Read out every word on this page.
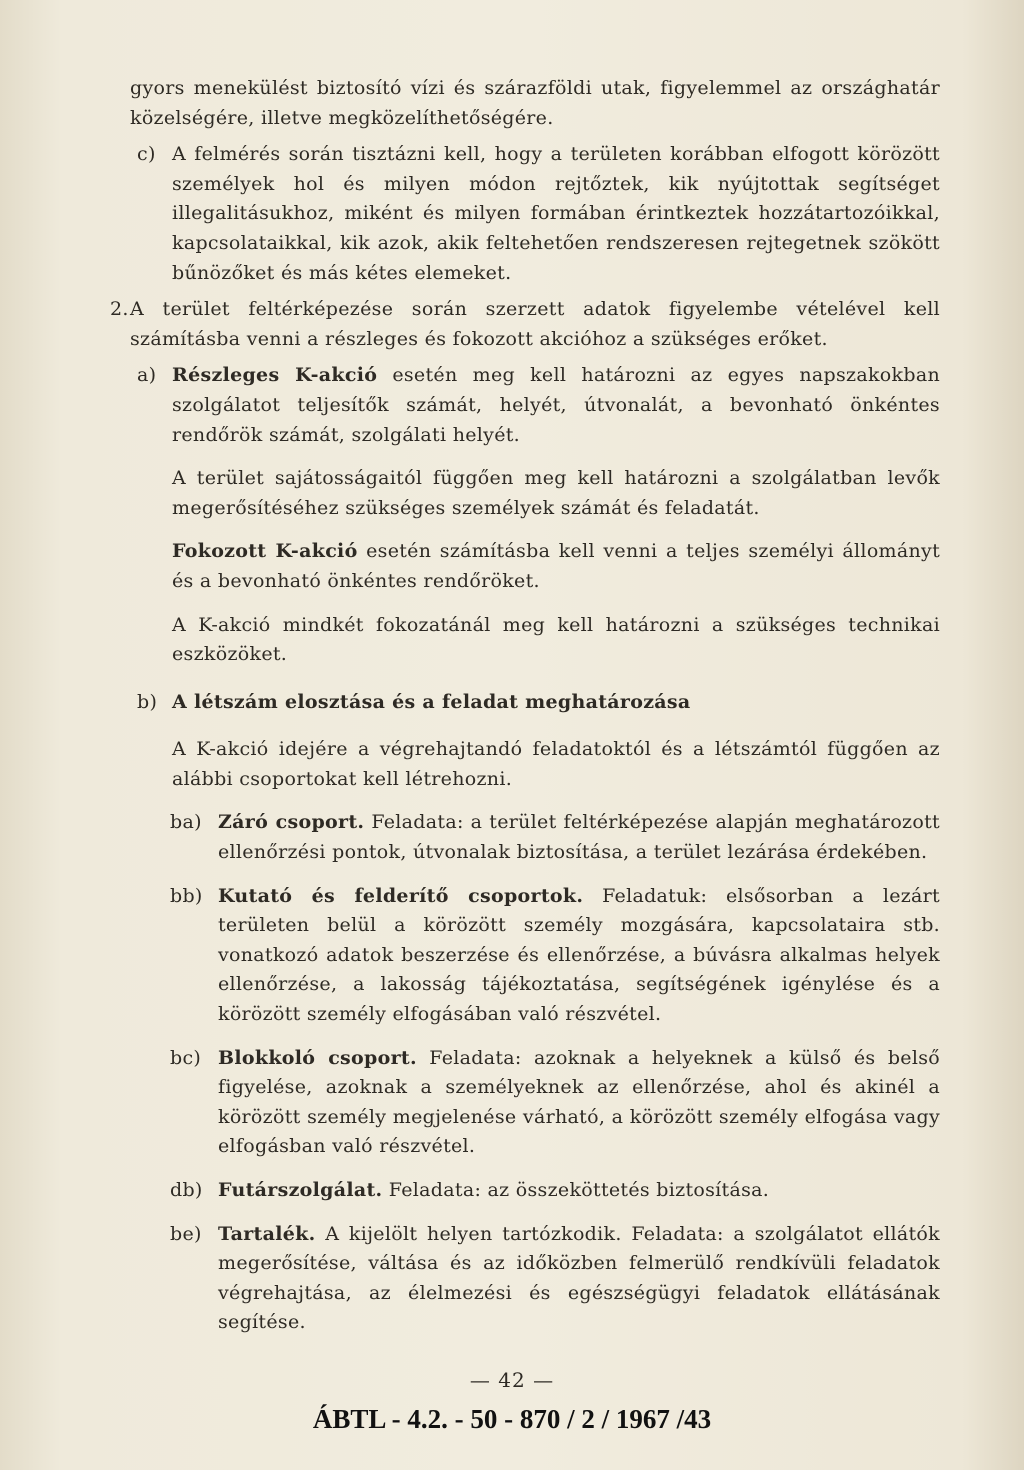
gyors menekülést biztosító vízi és szárazföldi utak, figyelemmel az országhatár közelségére, illetve megközelíthetőségére.

c) A felmérés során tisztázni kell, hogy a területen korábban elfogott körözött személyek hol és milyen módon rejtőztek, kik nyújtottak segítséget illegalitásukhoz, miként és milyen formában érintkeztek hozzátartozóikkal, kapcsolataikkal, kik azok, akik feltehetően rendszeresen rejtegetnek szökött bűnözőket és más kétes elemeket.

2. A terület feltérképezése során szerzett adatok figyelembe vételével kell számításba venni a részleges és fokozott akcióhoz a szükséges erőket.

a) Részleges K-akció esetén meg kell határozni az egyes napszakokban szolgálatot teljesítők számát, helyét, útvonalát, a bevonható önkéntes rendőrök számát, szolgálati helyét.

A terület sajátosságaitól függően meg kell határozni a szolgálatban levők megerősítéséhez szükséges személyek számát és feladatát.

Fokozott K-akció esetén számításba kell venni a teljes személyi állományt és a bevonható önkéntes rendőröket.

A K-akció mindkét fokozatánál meg kell határozni a szükséges technikai eszközöket.

b) A létszám elosztása és a feladat meghatározása

A K-akció idejére a végrehajtandó feladatoktól és a létszámtól függően az alábbi csoportokat kell létrehozni.

ba) Záró csoport. Feladata: a terület feltérképezése alapján meghatározott ellenőrzési pontok, útvonalak biztosítása, a terület lezárása érdekében.

bb) Kutató és felderítő csoportok. Feladatuk: elsősorban a lezárt területen belül a körözött személy mozgására, kapcsolataira stb. vonatkozó adatok beszerzése és ellenőrzése, a búvásra alkalmas helyek ellenőrzése, a lakosság tájékoztatása, segítségének igénylése és a körözött személy elfogásában való részvétel.

bc) Blokkoló csoport. Feladata: azoknak a helyeknek a külső és belső figyelése, azoknak a személyeknek az ellenőrzése, ahol és akinél a körözött személy megjelenése várható, a körözött személy elfogása vagy elfogásban való részvétel.

db) Futárszolgálat. Feladata: az összeköttetés biztosítása.

be) Tartalék. A kijelölt helyen tartózkodik. Feladata: a szolgálatot ellátók megerősítése, váltása és az időközben felmerülő rendkívüli feladatok végrehajtása, az élelmezési és egészségügyi feladatok ellátásának segítése.

— 42 —
ÁBTL - 4.2. - 50 - 870 / 2 / 1967 /43
